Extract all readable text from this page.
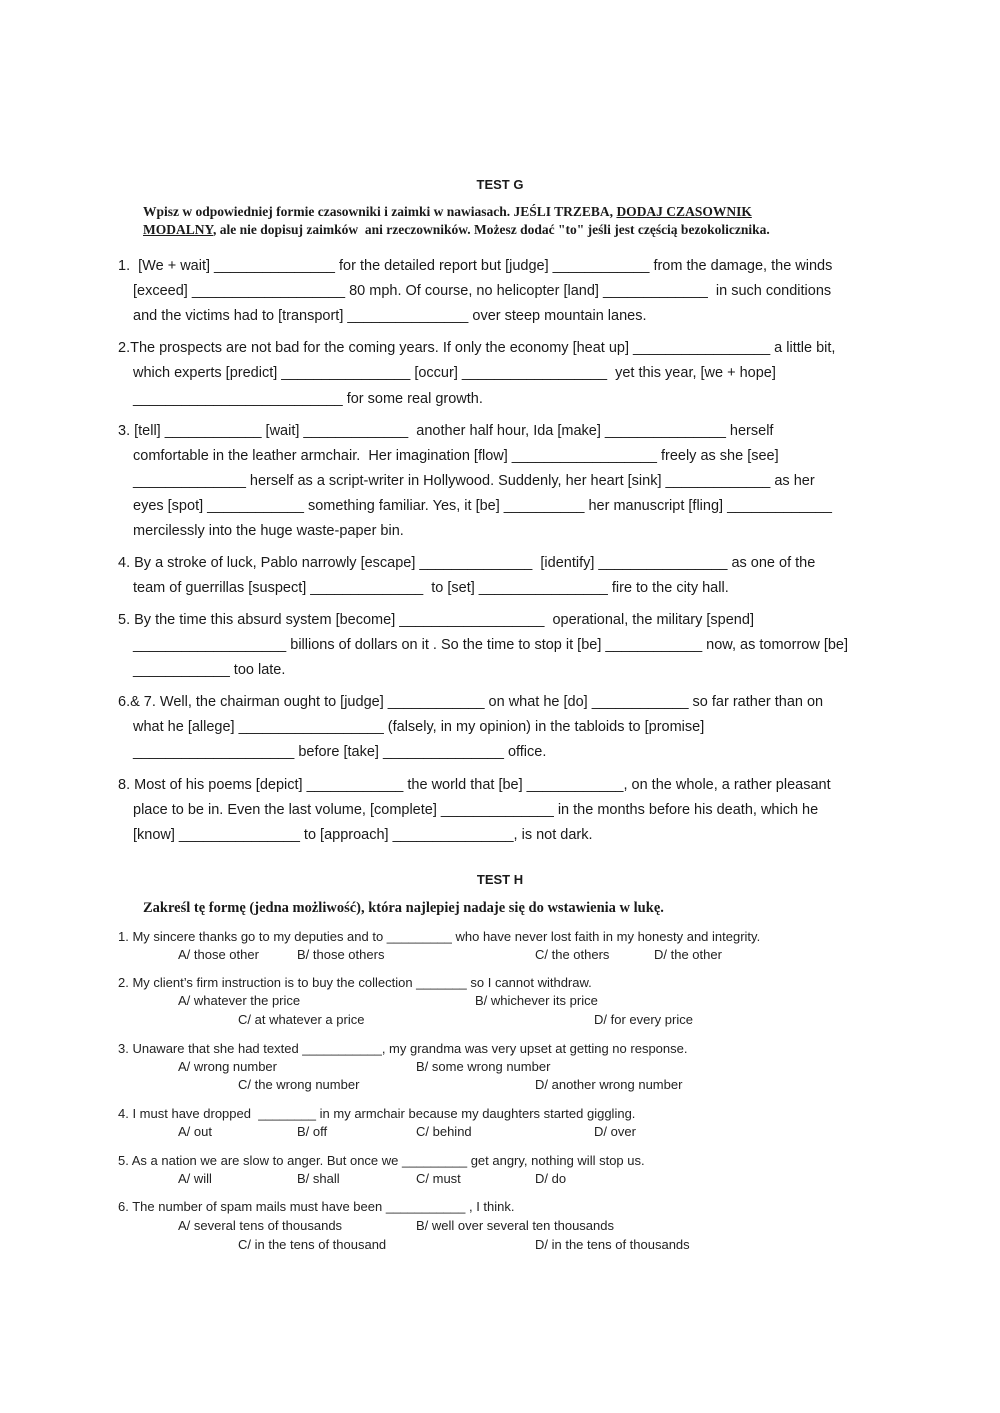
TEST G
Wpisz w odpowiedniej formie czasowniki i zaimki w nawiasach. JEŚLI TRZEBA, DODAJ CZASOWNIK
MODALNY, ale nie dopisuj zaimków  ani rzeczowników. Możesz dodać "to" jeśli jest częścią bezokolicznika.
1.  [We + wait] _______________ for the detailed report but [judge] ____________ from the damage, the winds
[exceed] ___________________ 80 mph. Of course, no helicopter [land] _____________  in such conditions
and the victims had to [transport] _______________ over steep mountain lanes.
2.The prospects are not bad for the coming years. If only the economy [heat up] _________________ a little bit,
which experts [predict] ________________ [occur] __________________  yet this year, [we + hope]
__________________________ for some real growth.
3. [tell] ____________ [wait] _____________  another half hour, Ida [make] _______________ herself
comfortable in the leather armchair.  Her imagination [flow] __________________ freely as she [see]
______________ herself as a script-writer in Hollywood. Suddenly, her heart [sink] _____________ as her
eyes [spot] ____________ something familiar. Yes, it [be] __________ her manuscript [fling] _____________
mercilessly into the huge waste-paper bin.
4. By a stroke of luck, Pablo narrowly [escape] ______________  [identify] ________________ as one of the
team of guerrillas [suspect] ______________  to [set] ________________ fire to the city hall.
5. By the time this absurd system [become] __________________  operational, the military [spend]
___________________ billions of dollars on it . So the time to stop it [be] ____________ now, as tomorrow [be]
____________ too late.
6.& 7. Well, the chairman ought to [judge] ____________ on what he [do] ____________ so far rather than on
what he [allege] __________________ (falsely, in my opinion) in the tabloids to [promise]
____________________ before [take] _______________ office.
8. Most of his poems [depict] ____________ the world that [be] ____________, on the whole, a rather pleasant
place to be in. Even the last volume, [complete] ______________ in the months before his death, which he
[know] _______________ to [approach] _______________, is not dark.
TEST H
Zakreśl tę formę (jedna możliwość), która najlepiej nadaje się do wstawienia w lukę.
1. My sincere thanks go to my deputies and to _________ who have never lost faith in my honesty and integrity.
A/ those other	B/ those others	C/ the others	D/ the other
2. My client’s firm instruction is to buy the collection _______ so I cannot withdraw.
A/ whatever the price	B/ whichever its price
C/ at whatever a price	D/ for every price
3. Unaware that she had texted ___________, my grandma was very upset at getting no response.
A/ wrong number	B/ some wrong number
C/ the wrong number	D/ another wrong number
4. I must have dropped  ________ in my armchair because my daughters started giggling.
A/ out	B/ off	C/ behind	D/ over
5. As a nation we are slow to anger. But once we _________ get angry, nothing will stop us.
A/ will	B/ shall	C/ must	D/ do
6. The number of spam mails must have been ___________ , I think.
A/ several tens of thousands	B/ well over several ten thousands
C/ in the tens of thousand	D/ in the tens of thousands
